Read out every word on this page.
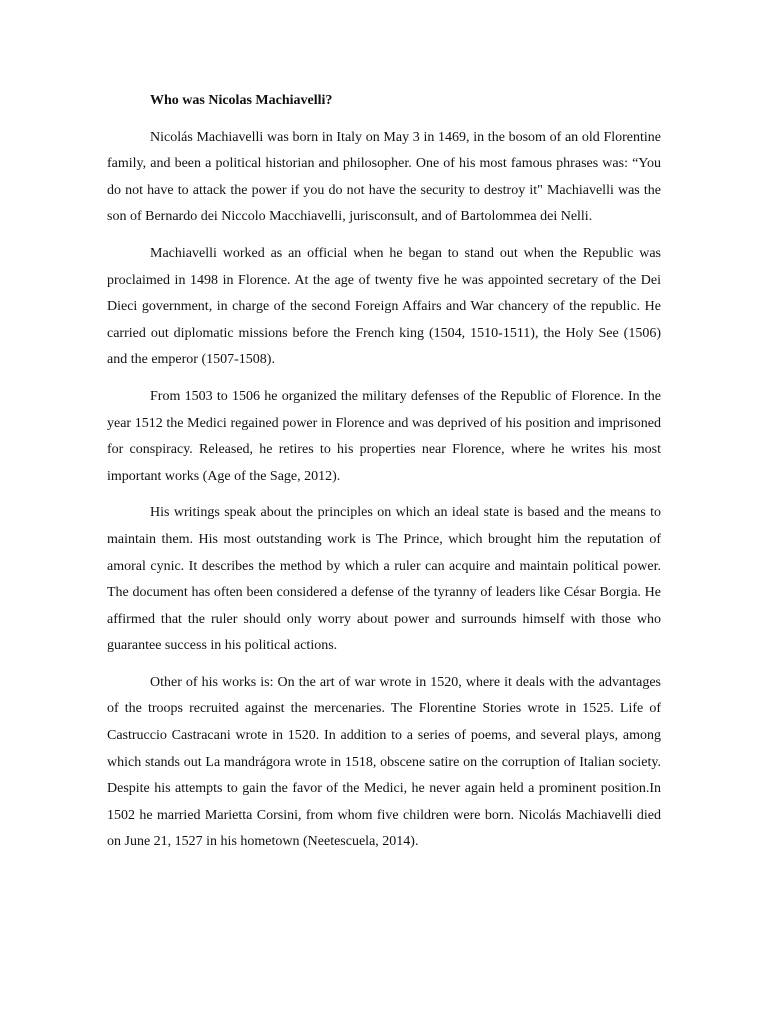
Who was Nicolas Machiavelli?

Nicolás Machiavelli was born in Italy on May 3 in 1469, in the bosom of an old Florentine family, and been a political historian and philosopher. One of his most famous phrases was: “You do not have to attack the power if you do not have the security to destroy it" Machiavelli was the son of Bernardo dei Niccolo Macchiavelli, jurisconsult, and of Bartolommea dei Nelli.

Machiavelli worked as an official when he began to stand out when the Republic was proclaimed in 1498 in Florence. At the age of twenty five he was appointed secretary of the Dei Dieci government, in charge of the second Foreign Affairs and War chancery of the republic. He carried out diplomatic missions before the French king (1504, 1510-1511), the Holy See (1506) and the emperor (1507-1508).

From 1503 to 1506 he organized the military defenses of the Republic of Florence. In the year 1512 the Medici regained power in Florence and was deprived of his position and imprisoned for conspiracy. Released, he retires to his properties near Florence, where he writes his most important works (Age of the Sage, 2012).

His writings speak about the principles on which an ideal state is based and the means to maintain them. His most outstanding work is The Prince, which brought him the reputation of amoral cynic. It describes the method by which a ruler can acquire and maintain political power. The document has often been considered a defense of the tyranny of leaders like César Borgia. He affirmed that the ruler should only worry about power and surrounds himself with those who guarantee success in his political actions.

Other of his works is: On the art of war wrote in 1520, where it deals with the advantages of the troops recruited against the mercenaries. The Florentine Stories wrote in 1525. Life of Castruccio Castracani wrote in 1520. In addition to a series of poems, and several plays, among which stands out La mandrágora wrote in 1518, obscene satire on the corruption of Italian society. Despite his attempts to gain the favor of the Medici, he never again held a prominent position.In 1502 he married Marietta Corsini, from whom five children were born. Nicolás Machiavelli died on June 21, 1527 in his hometown (Neetescuela, 2014).
